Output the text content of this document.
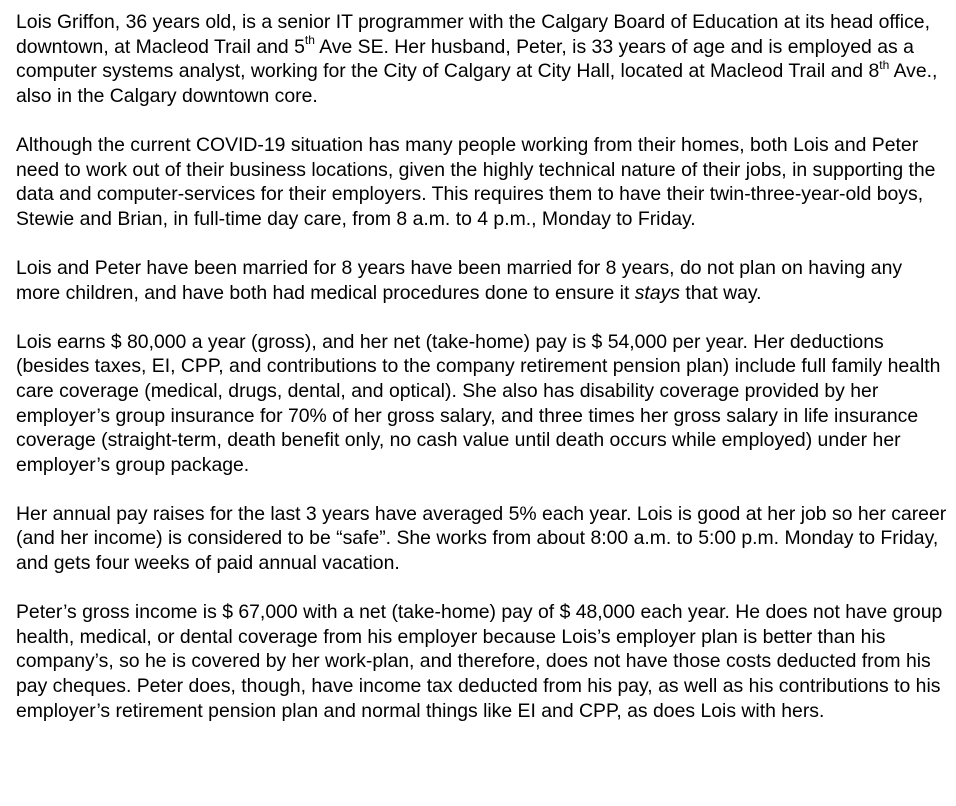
Lois Griffon, 36 years old, is a senior IT programmer with the Calgary Board of Education at its head office, downtown, at Macleod Trail and 5th Ave SE. Her husband, Peter, is 33 years of age and is employed as a computer systems analyst, working for the City of Calgary at City Hall, located at Macleod Trail and 8th Ave., also in the Calgary downtown core.

Although the current COVID-19 situation has many people working from their homes, both Lois and Peter need to work out of their business locations, given the highly technical nature of their jobs, in supporting the data and computer-services for their employers. This requires them to have their twin-three-year-old boys, Stewie and Brian, in full-time day care, from 8 a.m. to 4 p.m., Monday to Friday.

Lois and Peter have been married for 8 years have been married for 8 years, do not plan on having any more children, and have both had medical procedures done to ensure it stays that way.

Lois earns $ 80,000 a year (gross), and her net (take-home) pay is $ 54,000 per year. Her deductions (besides taxes, EI, CPP, and contributions to the company retirement pension plan) include full family health care coverage (medical, drugs, dental, and optical). She also has disability coverage provided by her employer’s group insurance for 70% of her gross salary, and three times her gross salary in life insurance coverage (straight-term, death benefit only, no cash value until death occurs while employed) under her employer’s group package.

Her annual pay raises for the last 3 years have averaged 5% each year. Lois is good at her job so her career (and her income) is considered to be “safe”. She works from about 8:00 a.m. to 5:00 p.m. Monday to Friday, and gets four weeks of paid annual vacation.

Peter’s gross income is $ 67,000 with a net (take-home) pay of $ 48,000 each year. He does not have group health, medical, or dental coverage from his employer because Lois’s employer plan is better than his company’s, so he is covered by her work-plan, and therefore, does not have those costs deducted from his pay cheques. Peter does, though, have income tax deducted from his pay, as well as his contributions to his employer’s retirement pension plan and normal things like EI and CPP, as does Lois with hers.
